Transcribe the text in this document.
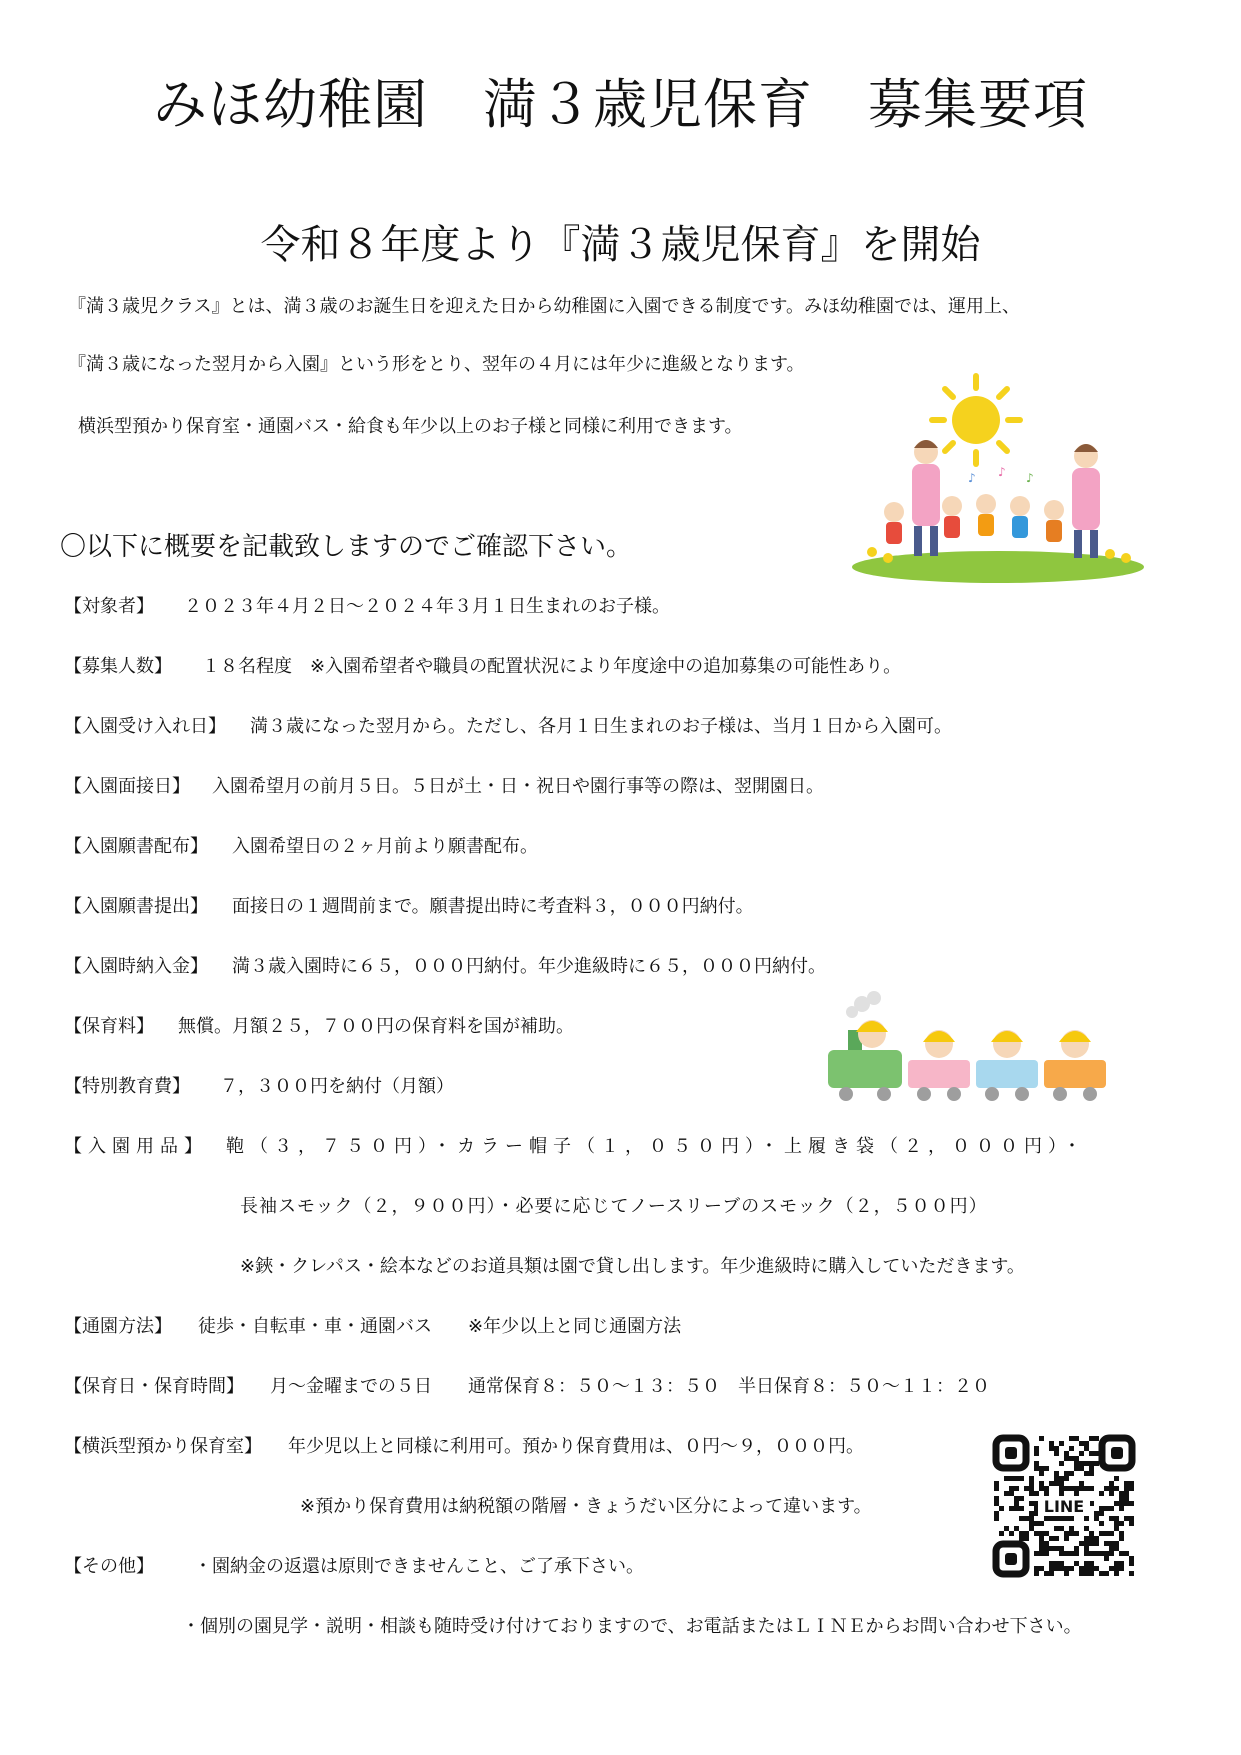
みほ幼稚園　満３歳児保育　募集要項
令和８年度より『満３歳児保育』を開始
『満３歳児クラス』とは、満３歳のお誕生日を迎えた日から幼稚園に入園できる制度です。みほ幼稚園では、運用上、
『満３歳になった翌月から入園』という形をとり、翌年の４月には年少に進級となります。
横浜型預かり保育室・通園バス・給食も年少以上のお子様と同様に利用できます。
〇以下に概要を記載致しますのでご確認下さい。
【対象者】 ２０２３年４月２日～２０２４年３月１日生まれのお子様。
【募集人数】 １８名程度　※入園希望者や職員の配置状況により年度途中の追加募集の可能性あり。
【入園受け入れ日】 満３歳になった翌月から。ただし、各月１日生まれのお子様は、当月１日から入園可。
【入園面接日】 入園希望月の前月５日。５日が土・日・祝日や園行事等の際は、翌開園日。
【入園願書配布】 入園希望日の２ヶ月前より願書配布。
【入園願書提出】 面接日の１週間前まで。願書提出時に考査料３，０００円納付。
【入園時納入金】 満３歳入園時に６５，０００円納付。年少進級時に６５，０００円納付。
【保育料】 無償。月額２５，７００円の保育料を国が補助。
【特別教育費】 ７，３００円を納付（月額）
【入園用品】 鞄（３，７５０円）・カラー帽子（１，０５０円）・上履き袋（２，０００円）・
長袖スモック（２，９００円）・必要に応じてノースリーブのスモック（２，５００円）
※鋏・クレパス・絵本などのお道具類は園で貸し出します。年少進級時に購入していただきます。
【通園方法】 徒歩・自転車・車・通園バス　　※年少以上と同じ通園方法
【保育日・保育時間】 月～金曜までの５日　　通常保育８：５０～１３：５０　半日保育８：５０～１１：２０
【横浜型預かり保育室】 年少児以上と同様に利用可。預かり保育費用は、０円～９，０００円。
※預かり保育費用は納税額の階層・きょうだい区分によって違います。
【その他】 ・園納金の返還は原則できませんこと、ご了承下さい。
・個別の園見学・説明・相談も随時受け付けておりますので、お電話またはＬＩＮＥからお問い合わせ下さい。
♪ ♪ ♪
LINE
